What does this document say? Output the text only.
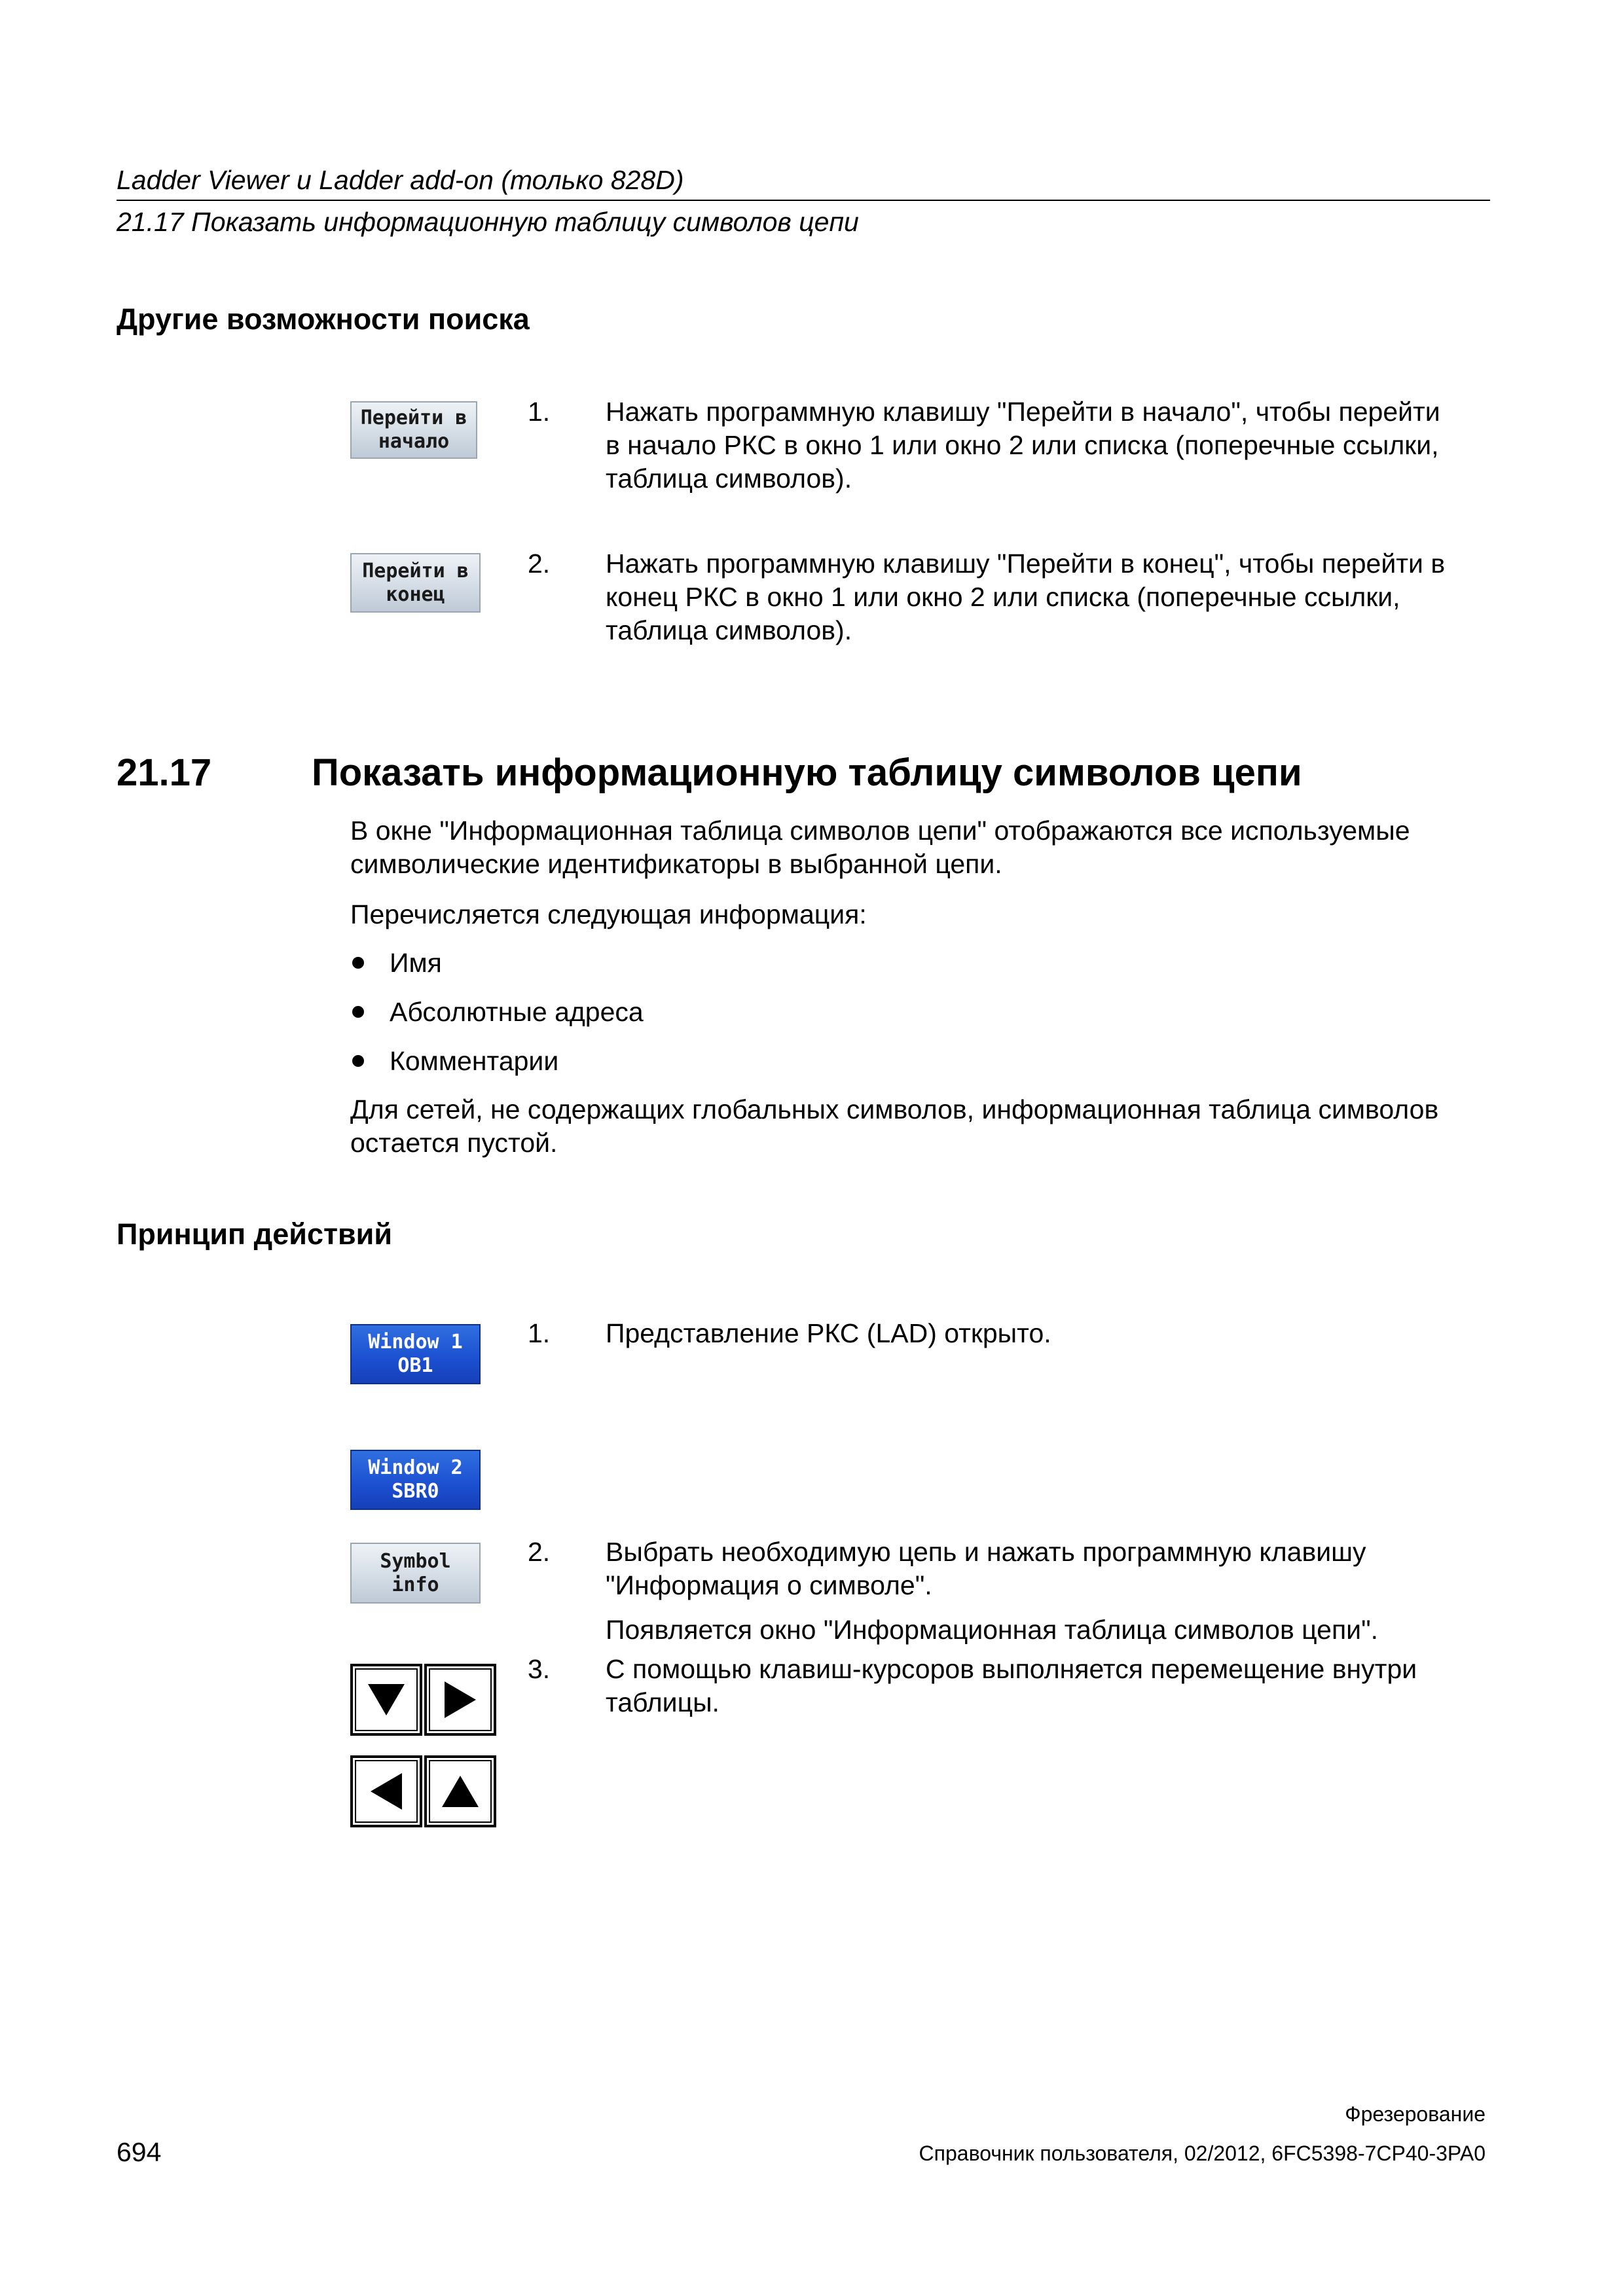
Ladder Viewer и Ladder add-on (только 828D)
21.17 Показать информационную таблицу символов цепи
Другие возможности поиска
Перейти в
начало
1. Нажать программную клавишу "Перейти в начало", чтобы перейти
в начало РКС в окно 1 или окно 2 или списка (поперечные ссылки,
таблица символов).
Перейти в
конец
2. Нажать программную клавишу "Перейти в конец", чтобы перейти в
конец РКС в окно 1 или окно 2 или списка (поперечные ссылки,
таблица символов).
21.17	Показать информационную таблицу символов цепи
В окне "Информационная таблица символов цепи" отображаются все используемые
символические идентификаторы в выбранной цепи.
Перечисляется следующая информация:
Имя
Абсолютные адреса
Комментарии
Для сетей, не содержащих глобальных символов, информационная таблица символов
остается пустой.
Принцип действий
Window 1
OB1
1. Представление РКС (LAD) открыто.
Window 2
SBR0
Symbol
info
2. Выбрать необходимую цепь и нажать программную клавишу
"Информация о символе".
Появляется окно "Информационная таблица символов цепи".
3. С помощью клавиш-курсоров выполняется перемещение внутри
таблицы.
Фрезерование
694	Справочник пользователя, 02/2012, 6FC5398-7CP40-3PA0
